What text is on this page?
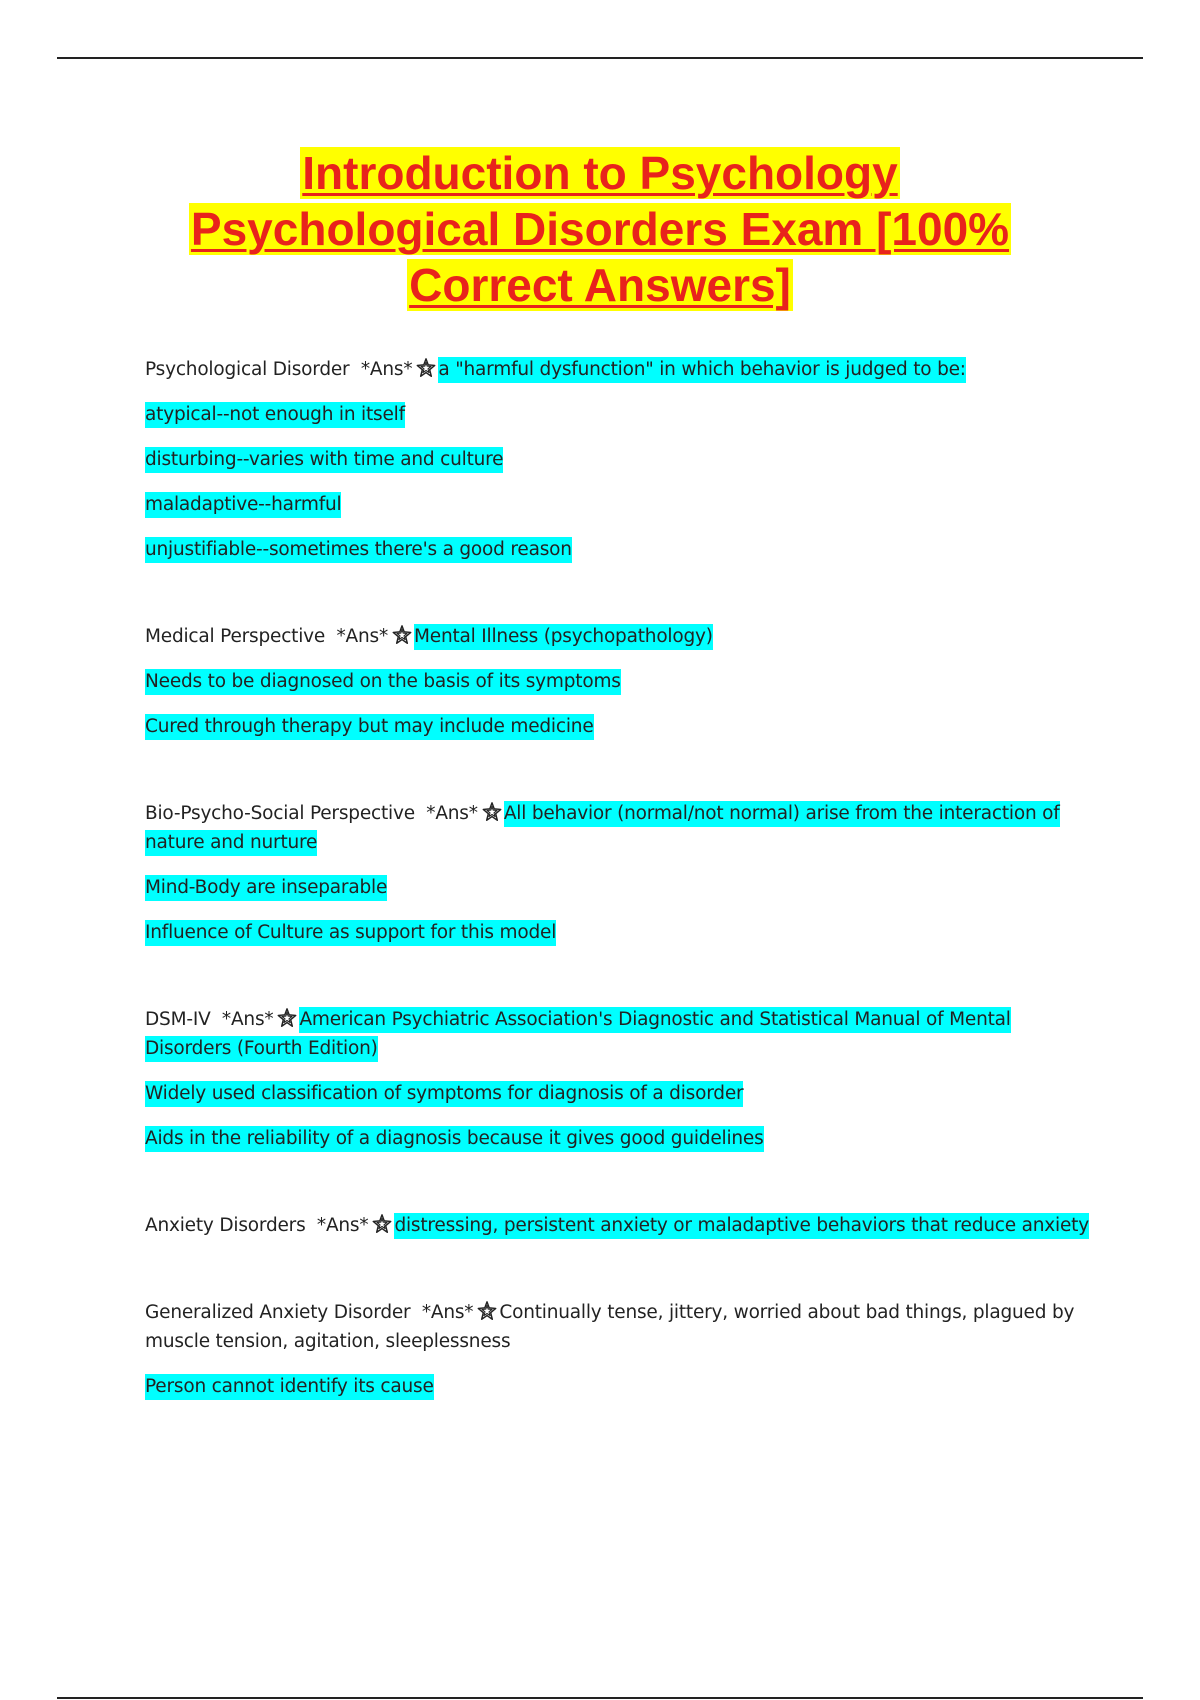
Introduction to Psychology
Psychological Disorders Exam [100%
Correct Answers]

Psychological Disorder *Ans* a "harmful dysfunction" in which behavior is judged to be:

atypical--not enough in itself

disturbing--varies with time and culture

maladaptive--harmful

unjustifiable--sometimes there's a good reason

Medical Perspective *Ans* Mental Illness (psychopathology)

Needs to be diagnosed on the basis of its symptoms

Cured through therapy but may include medicine

Bio-Psycho-Social Perspective *Ans* All behavior (normal/not normal) arise from the interaction of nature and nurture

Mind-Body are inseparable

Influence of Culture as support for this model

DSM-IV *Ans* American Psychiatric Association's Diagnostic and Statistical Manual of Mental Disorders (Fourth Edition)

Widely used classification of symptoms for diagnosis of a disorder

Aids in the reliability of a diagnosis because it gives good guidelines

Anxiety Disorders *Ans* distressing, persistent anxiety or maladaptive behaviors that reduce anxiety

Generalized Anxiety Disorder *Ans* Continually tense, jittery, worried about bad things, plagued by muscle tension, agitation, sleeplessness

Person cannot identify its cause
